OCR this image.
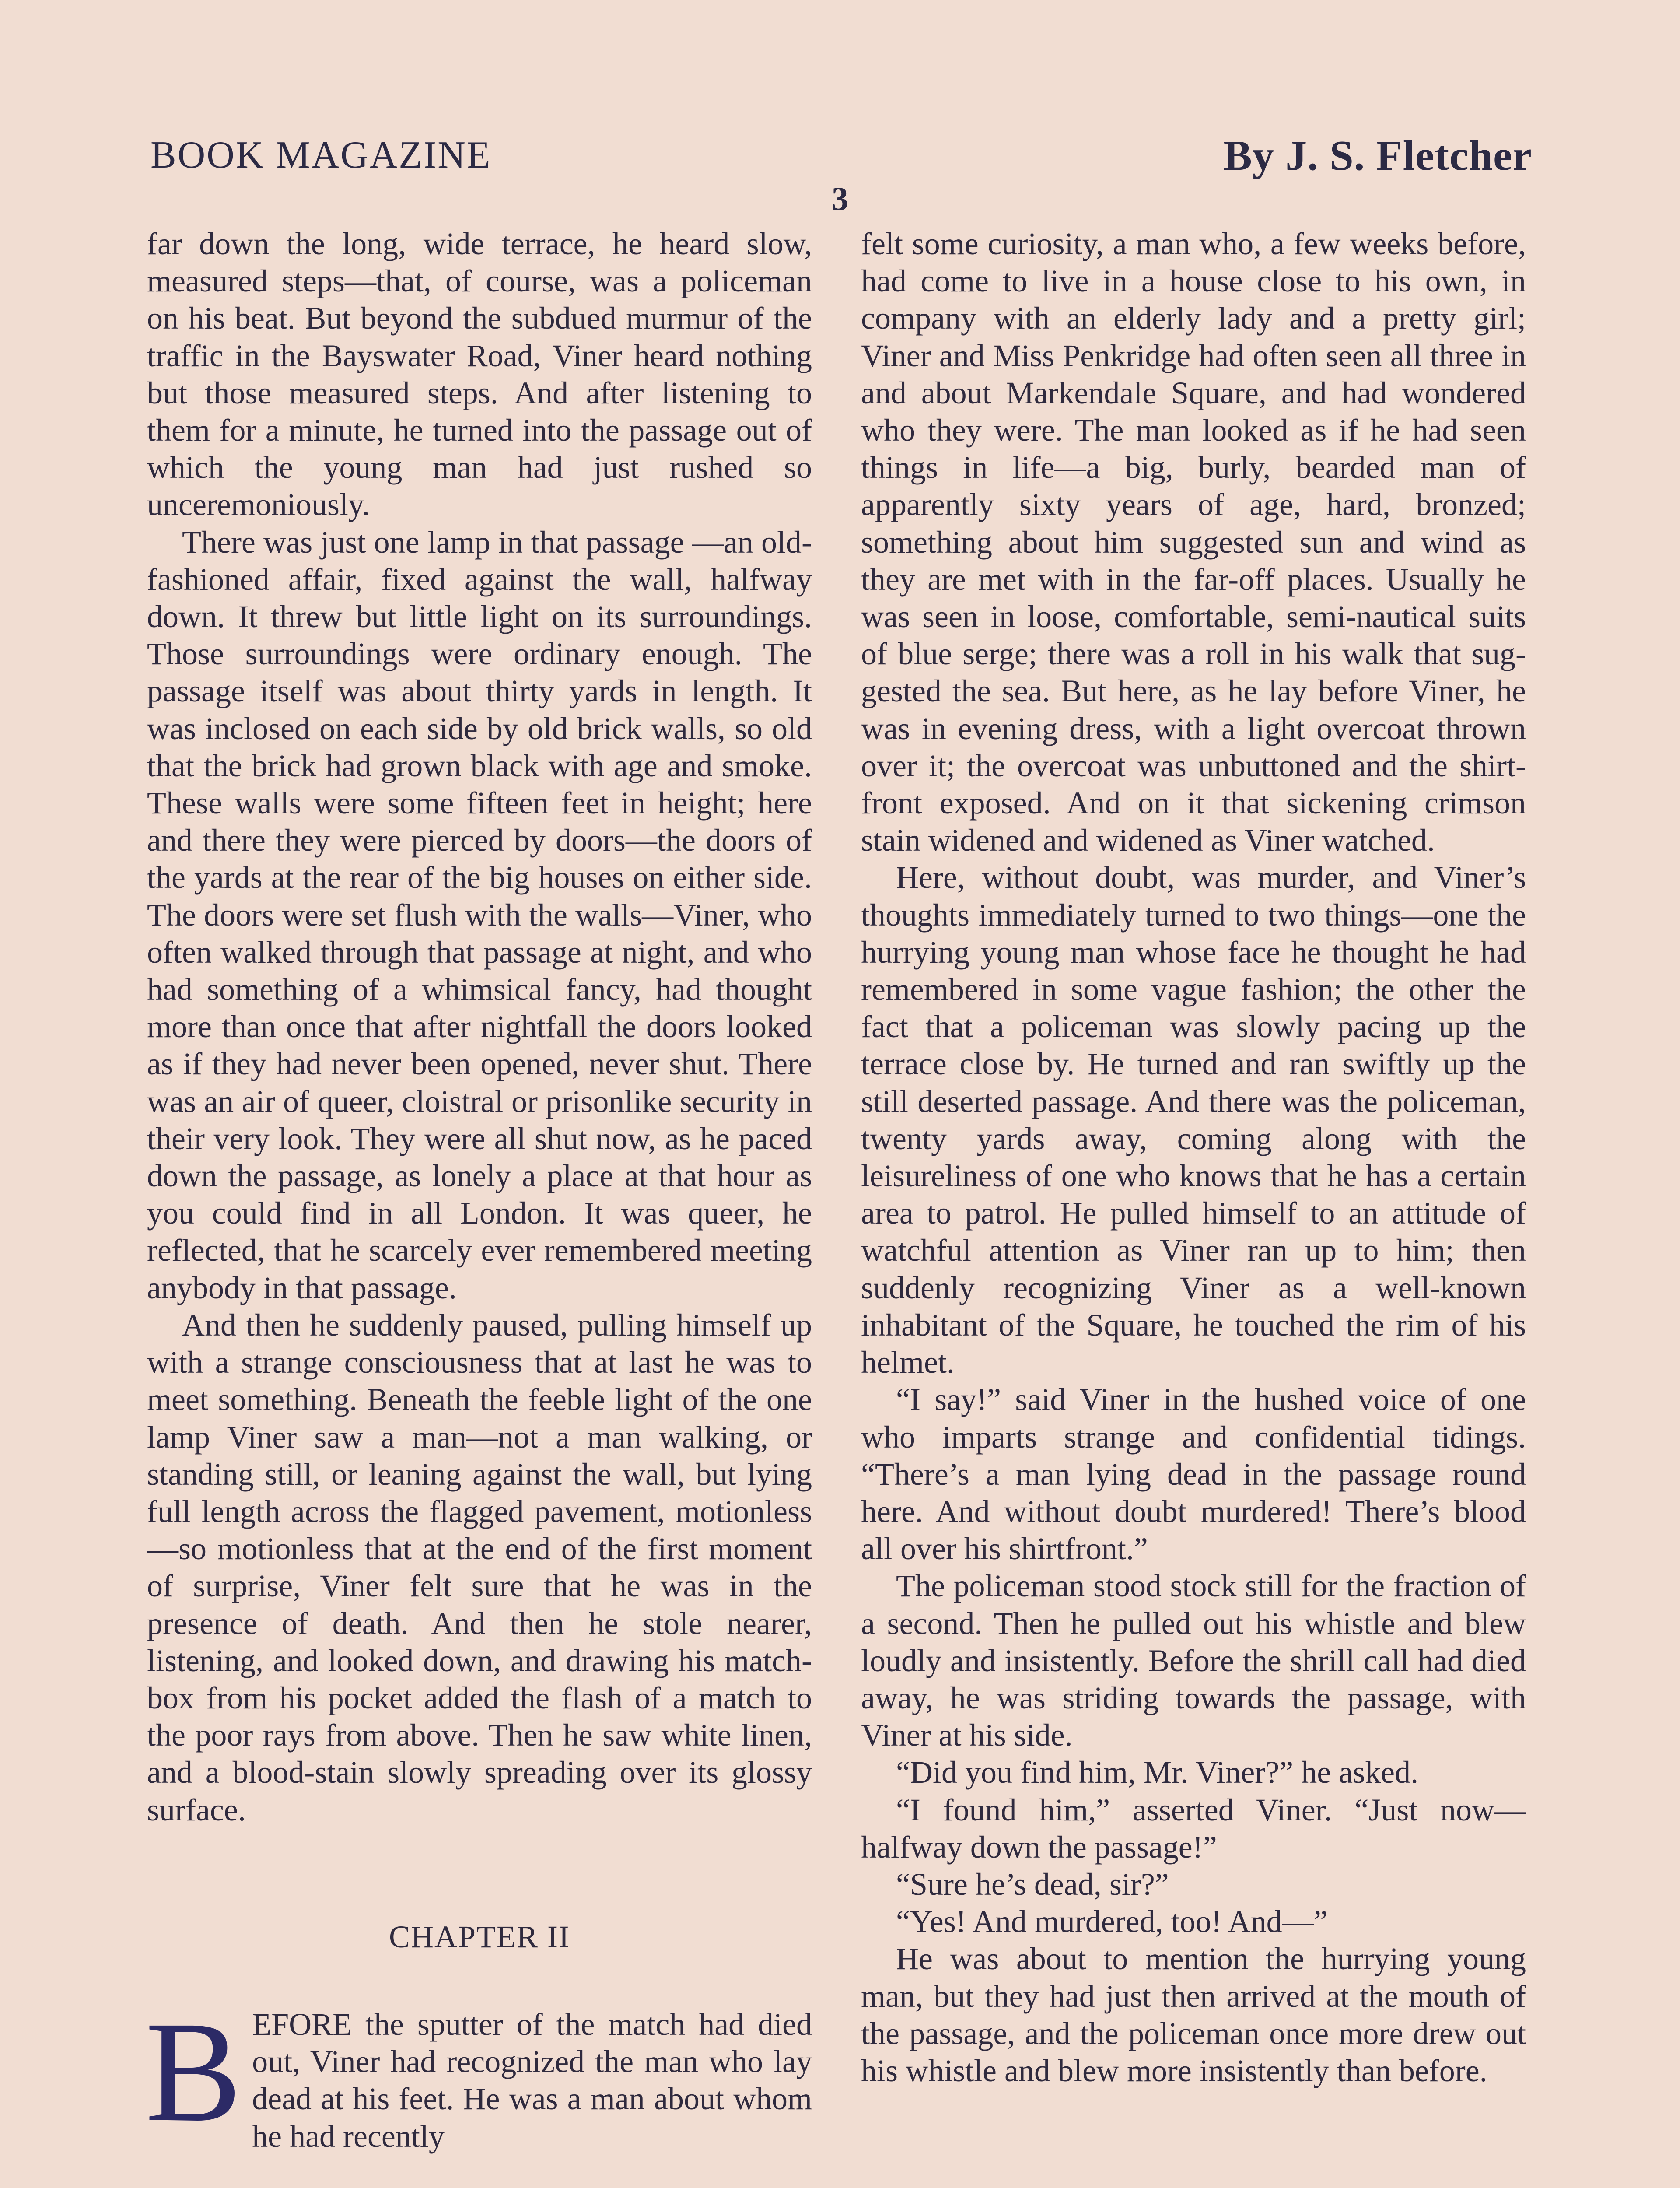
BOOK MAGAZINE	By J. S. Fletcher
3

far down the long, wide terrace, he heard slow, measured steps—that, of course, was a policeman on his beat. But beyond the subdued murmur of the traffic in the Bayswater Road, Viner heard nothing but those measured steps. And after listening to them for a minute, he turned into the passage out of which the young man had just rushed so unceremoniously.

There was just one lamp in that passage —an old-fashioned affair, fixed against the wall, halfway down. It threw but little light on its surroundings. Those surroundings were ordinary enough. The passage itself was about thirty yards in length. It was inclosed on each side by old brick walls, so old that the brick had grown black with age and smoke. These walls were some fifteen feet in height; here and there they were pierced by doors—the doors of the yards at the rear of the big houses on either side. The doors were set flush with the walls—Viner, who often walked through that passage at night, and who had something of a whimsical fancy, had thought more than once that after nightfall the doors looked as if they had never been opened, never shut. There was an air of queer, cloistral or prisonlike security in their very look. They were all shut now, as he paced down the passage, as lonely a place at that hour as you could find in all London. It was queer, he reflected, that he scarcely ever remembered meeting anybody in that passage.

And then he suddenly paused, pulling himself up with a strange consciousness that at last he was to meet something. Beneath the feeble light of the one lamp Viner saw a man—not a man walking, or standing still, or leaning against the wall, but lying full length across the flagged pavement, motionless—so motionless that at the end of the first moment of surprise, Viner felt sure that he was in the presence of death. And then he stole nearer, listening, and looked down, and drawing his matchbox from his pocket added the flash of a match to the poor rays from above. Then he saw white linen, and a blood-stain slowly spreading over its glossy surface.

CHAPTER II

BEFORE the sputter of the match had died out, Viner had recognized the man who lay dead at his feet. He was a man about whom he had recently

felt some curiosity, a man who, a few weeks before, had come to live in a house close to his own, in company with an elderly lady and a pretty girl; Viner and Miss Penkridge had often seen all three in and about Markendale Square, and had wondered who they were. The man looked as if he had seen things in life—a big, burly, bearded man of apparently sixty years of age, hard, bronzed; something about him suggested sun and wind as they are met with in the far-off places. Usually he was seen in loose, comfortable, semi-nautical suits of blue serge; there was a roll in his walk that suggested the sea. But here, as he lay before Viner, he was in evening dress, with a light overcoat thrown over it; the overcoat was unbuttoned and the shirt-front exposed. And on it that sickening crimson stain widened and widened as Viner watched.

Here, without doubt, was murder, and Viner’s thoughts immediately turned to two things—one the hurrying young man whose face he thought he had remembered in some vague fashion; the other the fact that a policeman was slowly pacing up the terrace close by. He turned and ran swiftly up the still deserted passage. And there was the policeman, twenty yards away, coming along with the leisureliness of one who knows that he has a certain area to patrol. He pulled himself to an attitude of watchful attention as Viner ran up to him; then suddenly recognizing Viner as a well-known inhabitant of the Square, he touched the rim of his helmet.

“I say!” said Viner in the hushed voice of one who imparts strange and confidential tidings. “There’s a man lying dead in the passage round here. And without doubt murdered! There’s blood all over his shirtfront.”

The policeman stood stock still for the fraction of a second. Then he pulled out his whistle and blew loudly and insistently. Before the shrill call had died away, he was striding towards the passage, with Viner at his side.

“Did you find him, Mr. Viner?” he asked.

“I found him,” asserted Viner. “Just now—halfway down the passage!”

“Sure he’s dead, sir?”

“Yes! And murdered, too! And—”

He was about to mention the hurrying young man, but they had just then arrived at the mouth of the passage, and the policeman once more drew out his whistle and blew more insistently than before.
